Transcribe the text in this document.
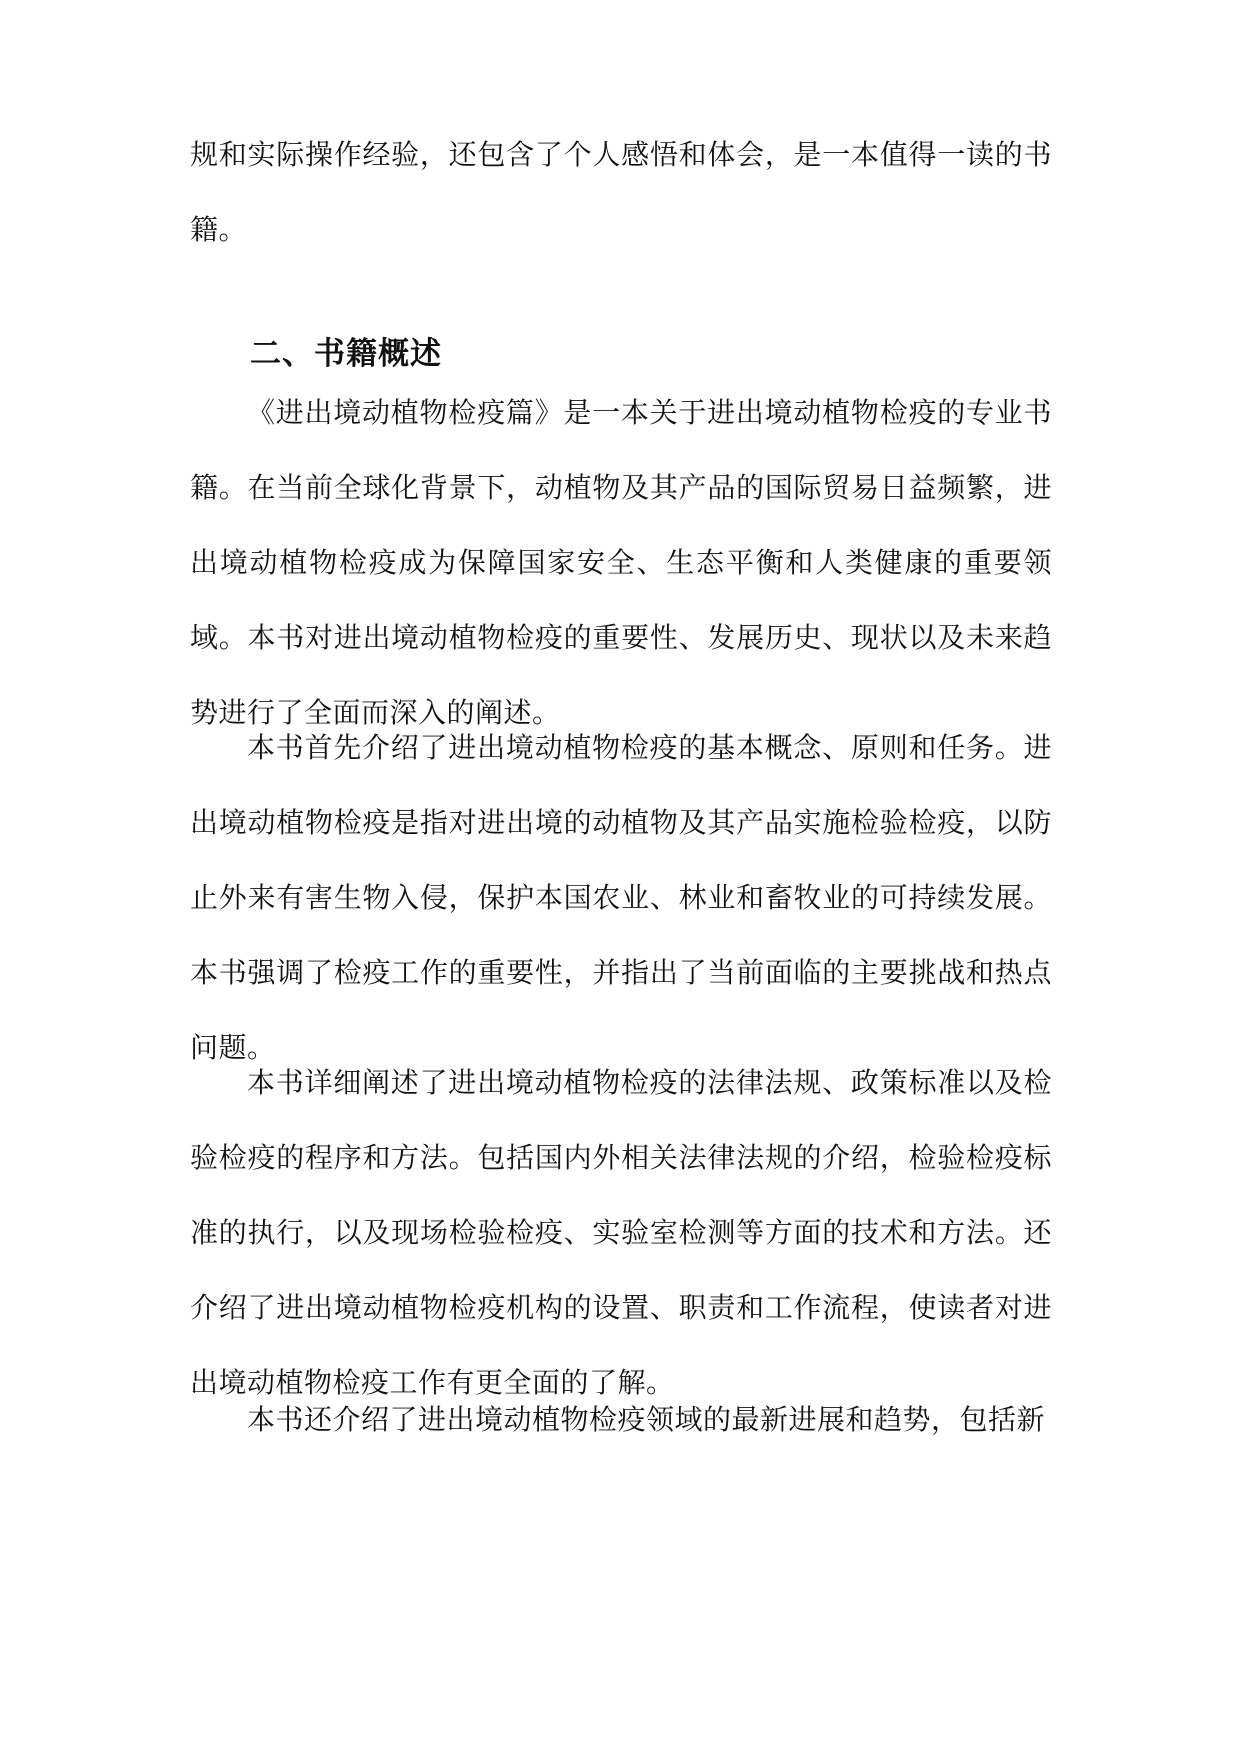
规和实际操作经验，还包含了个人感悟和体会，是一本值得一读的书籍。

二、书籍概述

《进出境动植物检疫篇》是一本关于进出境动植物检疫的专业书籍。在当前全球化背景下，动植物及其产品的国际贸易日益频繁，进出境动植物检疫成为保障国家安全、生态平衡和人类健康的重要领域。本书对进出境动植物检疫的重要性、发展历史、现状以及未来趋势进行了全面而深入的阐述。

本书首先介绍了进出境动植物检疫的基本概念、原则和任务。进出境动植物检疫是指对进出境的动植物及其产品实施检验检疫，以防止外来有害生物入侵，保护本国农业、林业和畜牧业的可持续发展。本书强调了检疫工作的重要性，并指出了当前面临的主要挑战和热点问题。

本书详细阐述了进出境动植物检疫的法律法规、政策标准以及检验检疫的程序和方法。包括国内外相关法律法规的介绍，检验检疫标准的执行，以及现场检验检疫、实验室检测等方面的技术和方法。还介绍了进出境动植物检疫机构的设置、职责和工作流程，使读者对进出境动植物检疫工作有更全面的了解。

本书还介绍了进出境动植物检疫领域的最新进展和趋势，包括新
